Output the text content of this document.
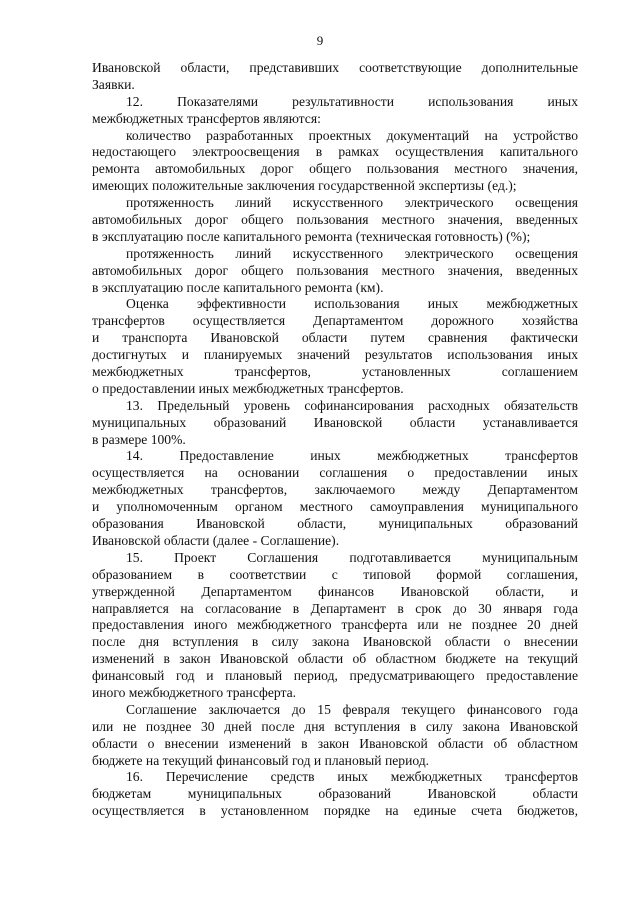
9
Ивановской области, представивших соответствующие дополнительные
Заявки.
12. Показателями результативности использования иных
межбюджетных трансфертов являются:
количество разработанных проектных документаций на устройство
недостающего электроосвещения в рамках осуществления капитального
ремонта автомобильных дорог общего пользования местного значения,
имеющих положительные заключения государственной экспертизы (ед.);
протяженность линий искусственного электрического освещения
автомобильных дорог общего пользования местного значения, введенных
в эксплуатацию после капитального ремонта (техническая готовность) (%);
протяженность линий искусственного электрического освещения
автомобильных дорог общего пользования местного значения, введенных
в эксплуатацию после капитального ремонта (км).
Оценка эффективности использования иных межбюджетных
трансфертов осуществляется Департаментом дорожного хозяйства
и транспорта Ивановской области путем сравнения фактически
достигнутых и планируемых значений результатов использования иных
межбюджетных трансфертов, установленных соглашением
о предоставлении иных межбюджетных трансфертов.
13. Предельный уровень софинансирования расходных обязательств
муниципальных образований Ивановской области устанавливается
в размере 100%.
14. Предоставление иных межбюджетных трансфертов
осуществляется на основании соглашения о предоставлении иных
межбюджетных трансфертов, заключаемого между Департаментом
и уполномоченным органом местного самоуправления муниципального
образования Ивановской области, муниципальных образований
Ивановской области (далее - Соглашение).
15. Проект Соглашения подготавливается муниципальным
образованием в соответствии с типовой формой соглашения,
утвержденной Департаментом финансов Ивановской области, и
направляется на согласование в Департамент в срок до 30 января года
предоставления иного межбюджетного трансферта или не позднее 20 дней
после дня вступления в силу закона Ивановской области о внесении
изменений в закон Ивановской области об областном бюджете на текущий
финансовый год и плановый период, предусматривающего предоставление
иного межбюджетного трансферта.
Соглашение заключается до 15 февраля текущего финансового года
или не позднее 30 дней после дня вступления в силу закона Ивановской
области о внесении изменений в закон Ивановской области об областном
бюджете на текущий финансовый год и плановый период.
16. Перечисление средств иных межбюджетных трансфертов
бюджетам муниципальных образований Ивановской области
осуществляется в установленном порядке на единые счета бюджетов,
